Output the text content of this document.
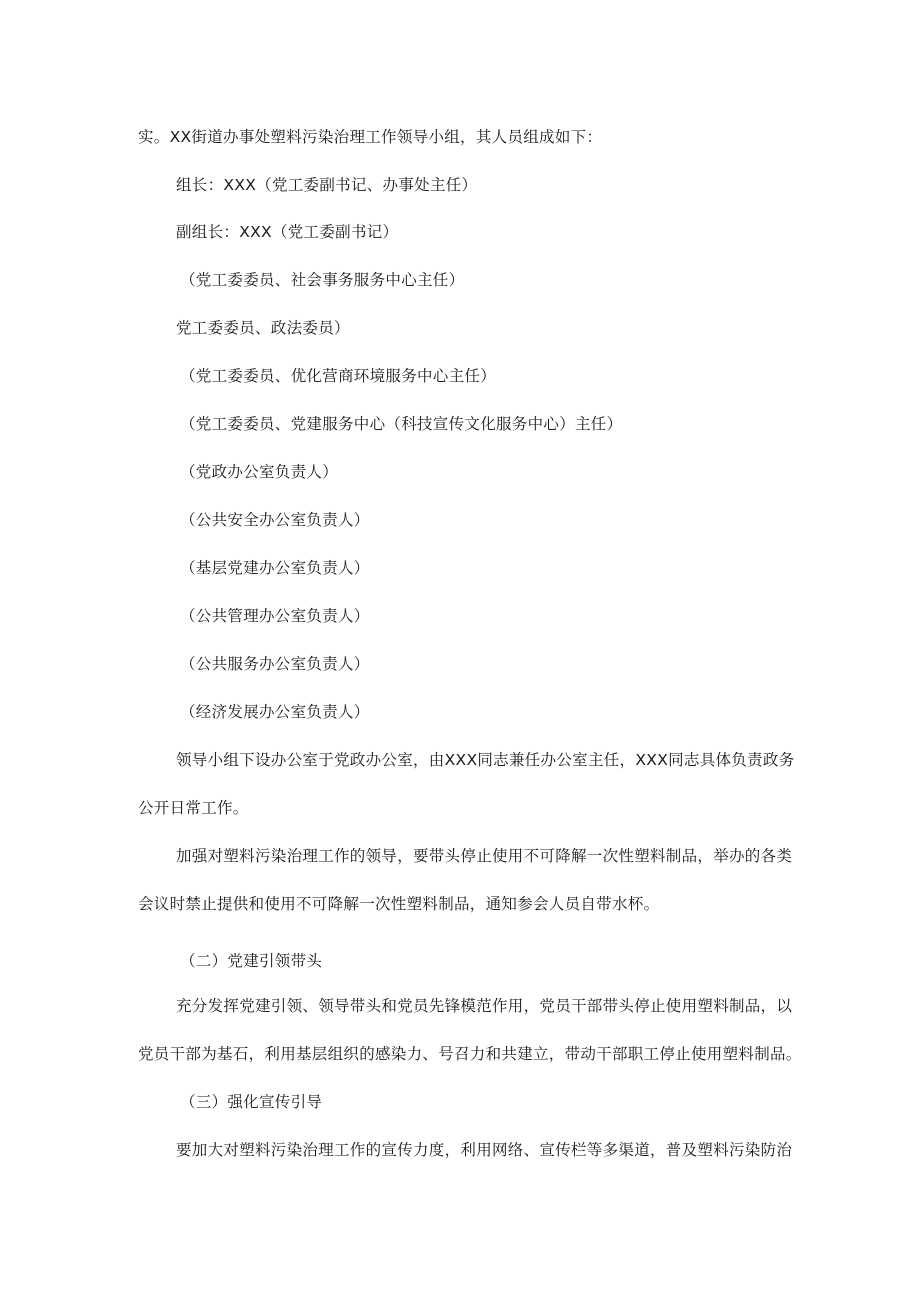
实。XX街道办事处塑料污染治理工作领导小组，其人员组成如下：
组长：XXX（党工委副书记、办事处主任）
副组长：XXX（党工委副书记）
（党工委委员、社会事务服务中心主任）
党工委委员、政法委员）
（党工委委员、优化营商环境服务中心主任）
（党工委委员、党建服务中心（科技宣传文化服务中心）主任）
（党政办公室负责人）
（公共安全办公室负责人）
（基层党建办公室负责人）
（公共管理办公室负责人）
（公共服务办公室负责人）
（经济发展办公室负责人）
领导小组下设办公室于党政办公室，由XXX同志兼任办公室主任，XXX同志具体负责政务
公开日常工作。
加强对塑料污染治理工作的领导，要带头停止使用不可降解一次性塑料制品，举办的各类
会议时禁止提供和使用不可降解一次性塑料制品，通知参会人员自带水杯。
（二）党建引领带头
充分发挥党建引领、领导带头和党员先锋模范作用，党员干部带头停止使用塑料制品，以
党员干部为基石，利用基层组织的感染力、号召力和共建立，带动干部职工停止使用塑料制品。
（三）强化宣传引导
要加大对塑料污染治理工作的宣传力度，利用网络、宣传栏等多渠道，普及塑料污染防治
